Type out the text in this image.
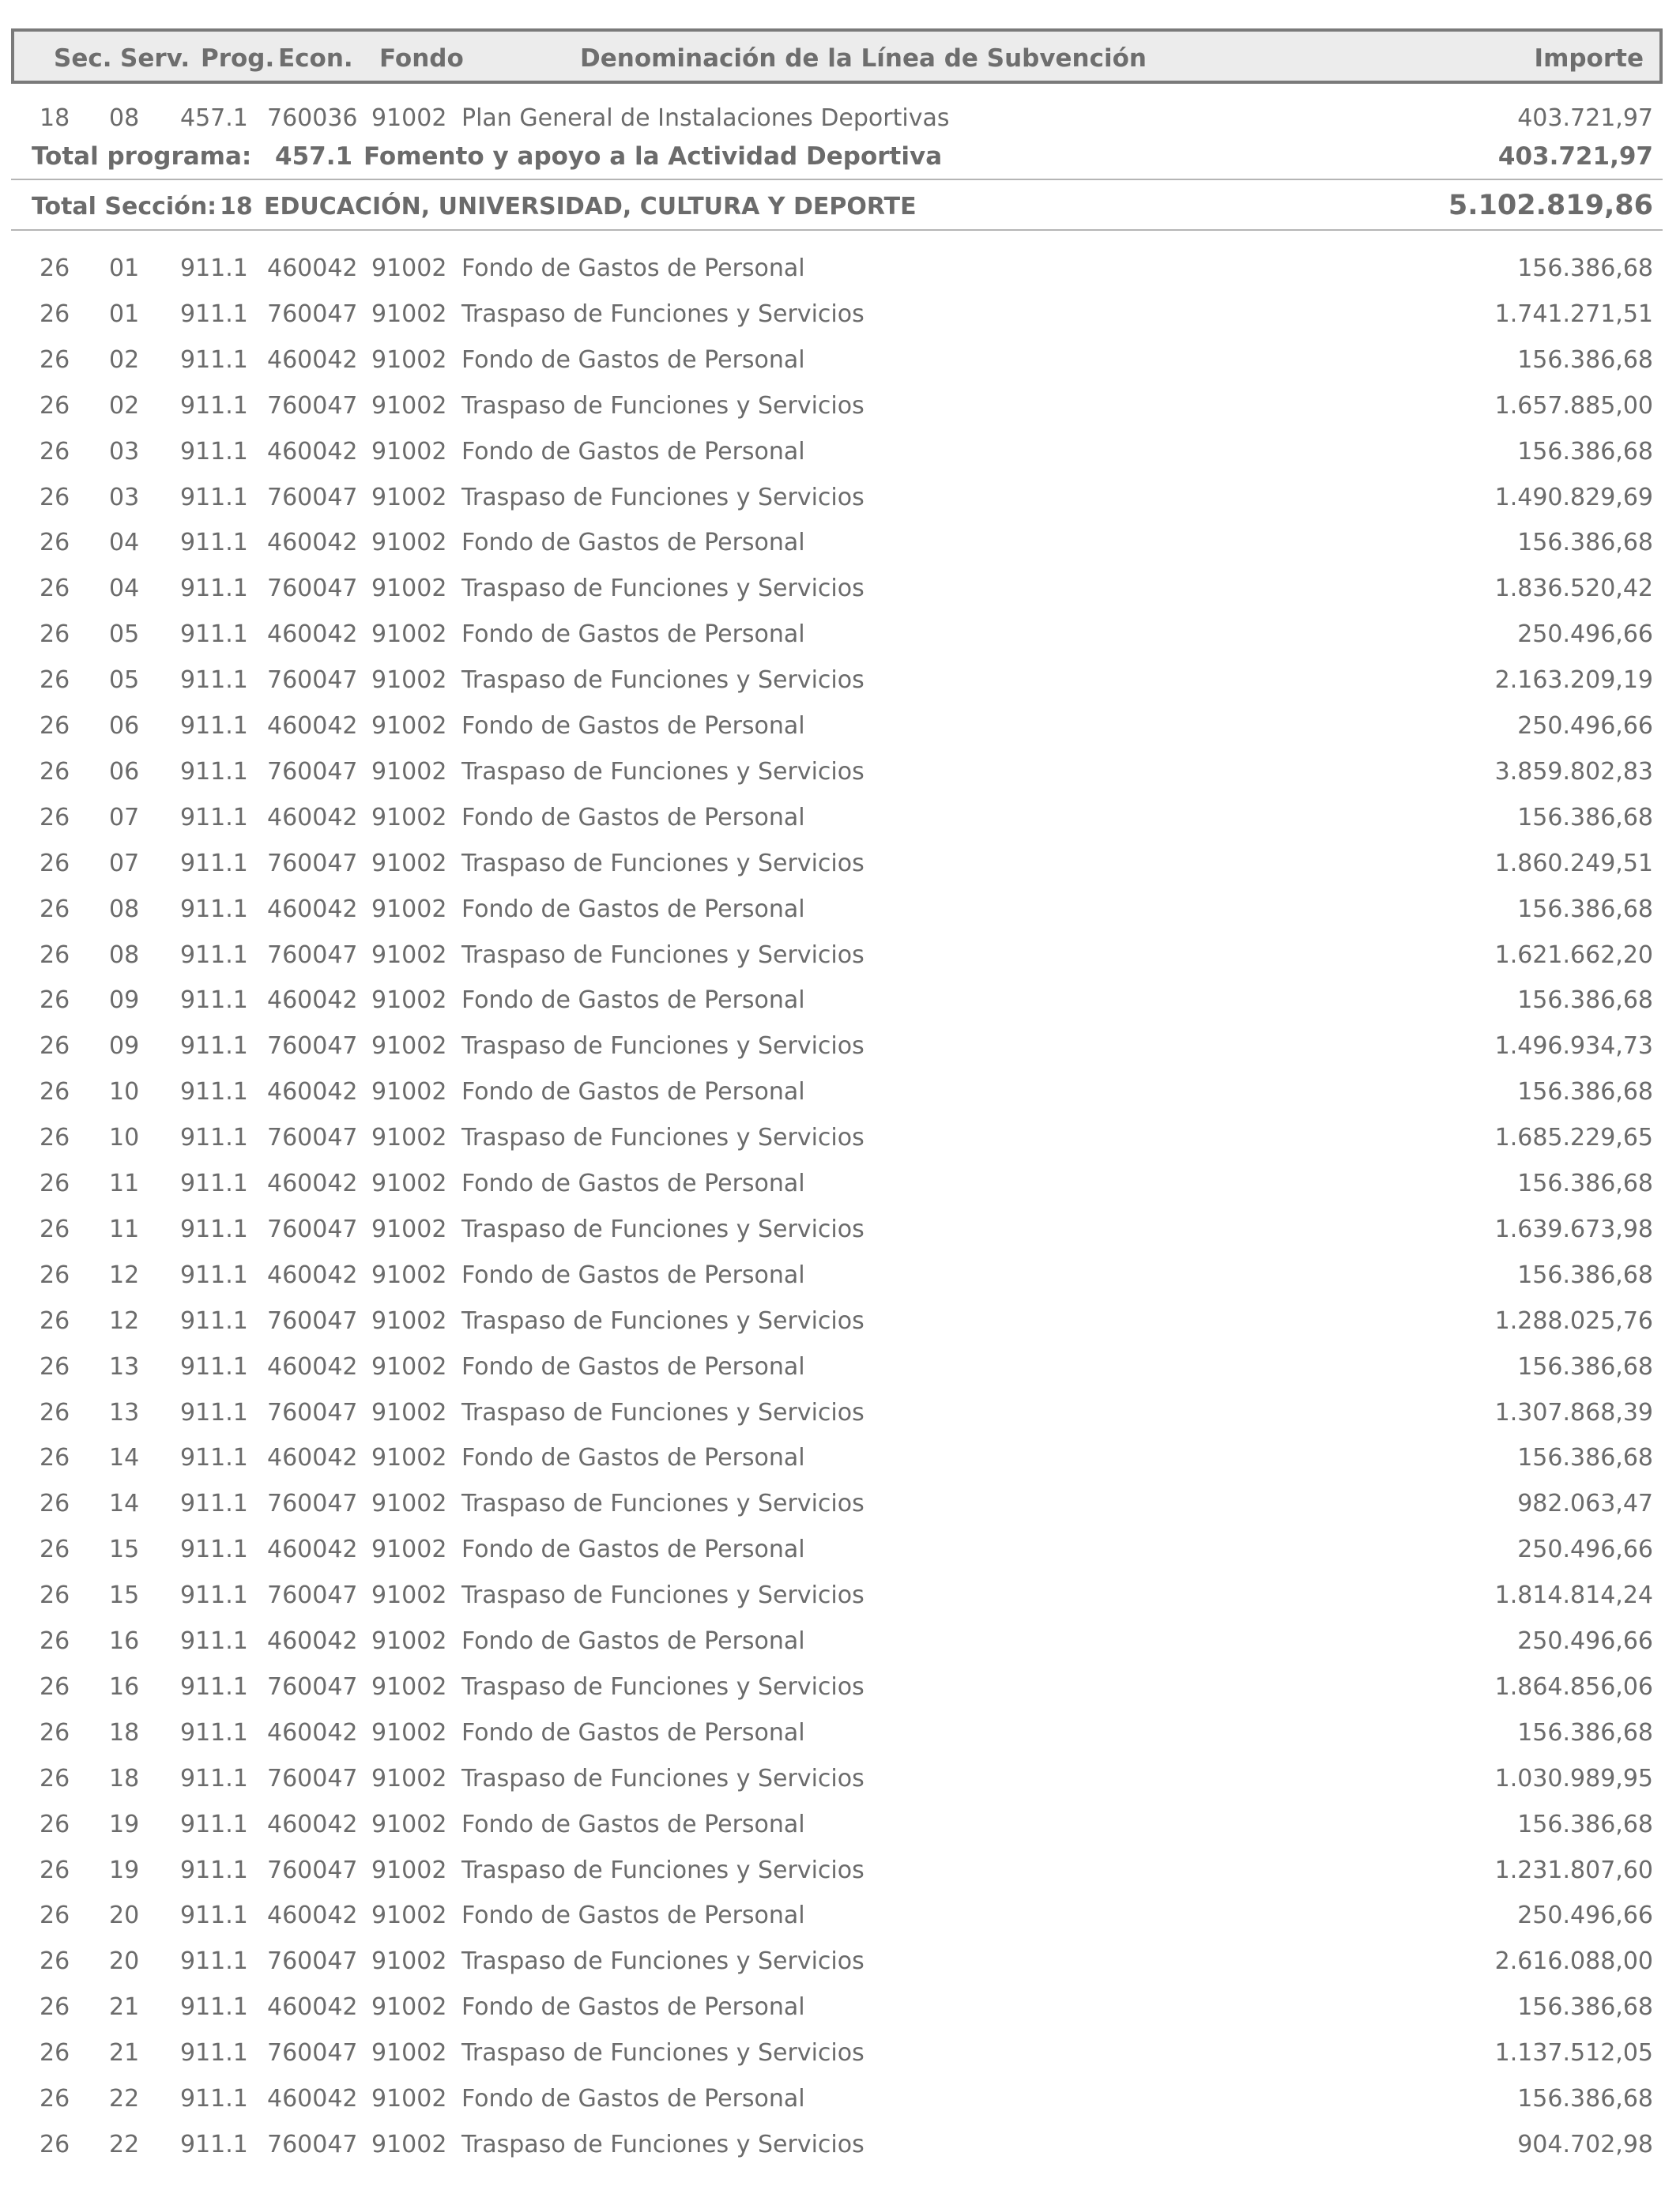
Sec. Serv. Prog. Econ. Fondo	Denominación de la Línea de Subvención	Importe
18 08 457.1 760036 91002 Plan General de Instalaciones Deportivas	403.721,97
Total programa: 457.1 Fomento y apoyo a la Actividad Deportiva	403.721,97
Total Sección: 18 EDUCACIÓN, UNIVERSIDAD, CULTURA Y DEPORTE	5.102.819,86
26 01 911.1 460042 91002 Fondo de Gastos de Personal	156.386,68
26 01 911.1 760047 91002 Traspaso de Funciones y Servicios	1.741.271,51
26 02 911.1 460042 91002 Fondo de Gastos de Personal	156.386,68
26 02 911.1 760047 91002 Traspaso de Funciones y Servicios	1.657.885,00
26 03 911.1 460042 91002 Fondo de Gastos de Personal	156.386,68
26 03 911.1 760047 91002 Traspaso de Funciones y Servicios	1.490.829,69
26 04 911.1 460042 91002 Fondo de Gastos de Personal	156.386,68
26 04 911.1 760047 91002 Traspaso de Funciones y Servicios	1.836.520,42
26 05 911.1 460042 91002 Fondo de Gastos de Personal	250.496,66
26 05 911.1 760047 91002 Traspaso de Funciones y Servicios	2.163.209,19
26 06 911.1 460042 91002 Fondo de Gastos de Personal	250.496,66
26 06 911.1 760047 91002 Traspaso de Funciones y Servicios	3.859.802,83
26 07 911.1 460042 91002 Fondo de Gastos de Personal	156.386,68
26 07 911.1 760047 91002 Traspaso de Funciones y Servicios	1.860.249,51
26 08 911.1 460042 91002 Fondo de Gastos de Personal	156.386,68
26 08 911.1 760047 91002 Traspaso de Funciones y Servicios	1.621.662,20
26 09 911.1 460042 91002 Fondo de Gastos de Personal	156.386,68
26 09 911.1 760047 91002 Traspaso de Funciones y Servicios	1.496.934,73
26 10 911.1 460042 91002 Fondo de Gastos de Personal	156.386,68
26 10 911.1 760047 91002 Traspaso de Funciones y Servicios	1.685.229,65
26 11 911.1 460042 91002 Fondo de Gastos de Personal	156.386,68
26 11 911.1 760047 91002 Traspaso de Funciones y Servicios	1.639.673,98
26 12 911.1 460042 91002 Fondo de Gastos de Personal	156.386,68
26 12 911.1 760047 91002 Traspaso de Funciones y Servicios	1.288.025,76
26 13 911.1 460042 91002 Fondo de Gastos de Personal	156.386,68
26 13 911.1 760047 91002 Traspaso de Funciones y Servicios	1.307.868,39
26 14 911.1 460042 91002 Fondo de Gastos de Personal	156.386,68
26 14 911.1 760047 91002 Traspaso de Funciones y Servicios	982.063,47
26 15 911.1 460042 91002 Fondo de Gastos de Personal	250.496,66
26 15 911.1 760047 91002 Traspaso de Funciones y Servicios	1.814.814,24
26 16 911.1 460042 91002 Fondo de Gastos de Personal	250.496,66
26 16 911.1 760047 91002 Traspaso de Funciones y Servicios	1.864.856,06
26 18 911.1 460042 91002 Fondo de Gastos de Personal	156.386,68
26 18 911.1 760047 91002 Traspaso de Funciones y Servicios	1.030.989,95
26 19 911.1 460042 91002 Fondo de Gastos de Personal	156.386,68
26 19 911.1 760047 91002 Traspaso de Funciones y Servicios	1.231.807,60
26 20 911.1 460042 91002 Fondo de Gastos de Personal	250.496,66
26 20 911.1 760047 91002 Traspaso de Funciones y Servicios	2.616.088,00
26 21 911.1 460042 91002 Fondo de Gastos de Personal	156.386,68
26 21 911.1 760047 91002 Traspaso de Funciones y Servicios	1.137.512,05
26 22 911.1 460042 91002 Fondo de Gastos de Personal	156.386,68
26 22 911.1 760047 91002 Traspaso de Funciones y Servicios	904.702,98
